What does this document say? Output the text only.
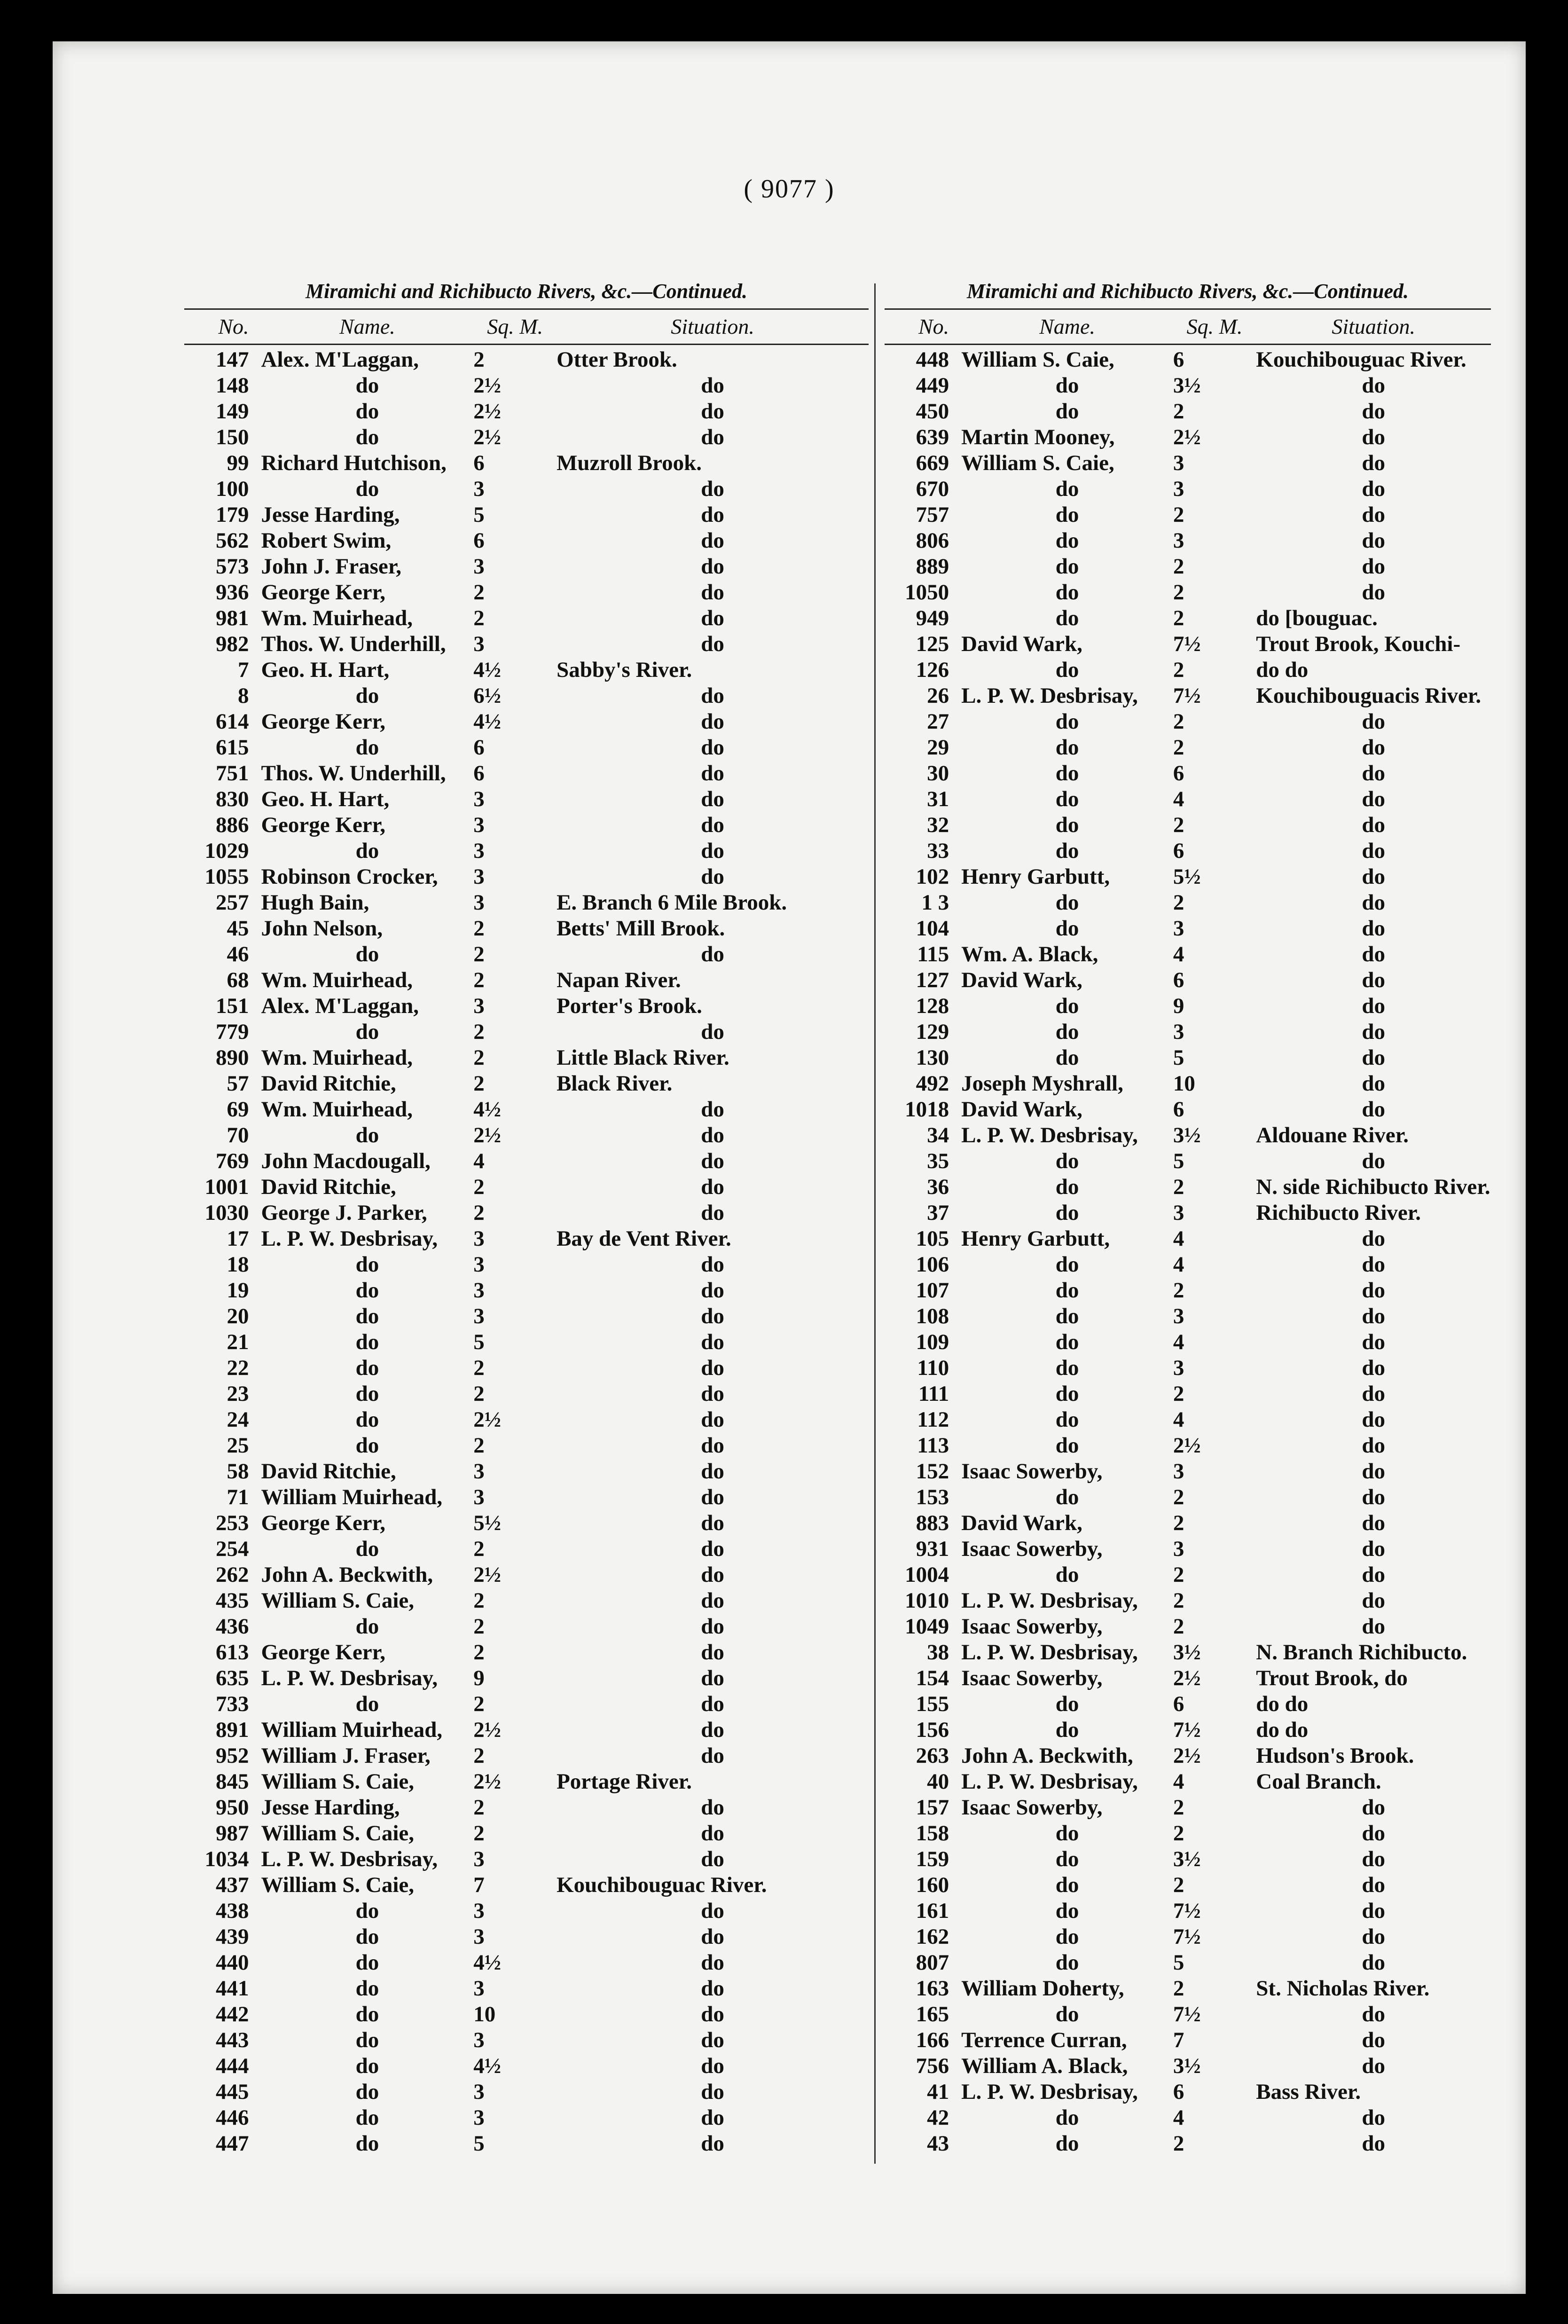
( 9077 )
Miramichi and Richibucto Rivers, &c.—Continued.
No.	Name.	Sq. M.	Situation.
147 Alex. M'Laggan,	2	Otter Brook.
148	do	2½	do
149	do	2½	do
150	do	2½	do
99 Richard Hutchison,	6	Muzroll Brook.
100	do	3	do
179 Jesse Harding,	5	do
562 Robert Swim,	6	do
573 John J. Fraser,	3	do
936 George Kerr,	2	do
981 Wm. Muirhead,	2	do
982 Thos. W. Underhill,	3	do
7 Geo. H. Hart,	4½	Sabby's River.
8	do	6½	do
614 George Kerr,	4½	do
615	do	6	do
751 Thos. W. Underhill,	6	do
830 Geo. H. Hart,	3	do
886 George Kerr,	3	do
1029	do	3	do
1055 Robinson Crocker,	3	do
257 Hugh Bain,	3	E. Branch 6 Mile Brook.
45 John Nelson,	2	Betts' Mill Brook.
46	do	2	do
68 Wm. Muirhead,	2	Napan River.
151 Alex. M'Laggan,	3	Porter's Brook.
779	do	2	do
890 Wm. Muirhead,	2	Little Black River.
57 David Ritchie,	2	Black River.
69 Wm. Muirhead,	4½	do
70	do	2½	do
769 John Macdougall,	4	do
1001 David Ritchie,	2	do
1030 George J. Parker,	2	do
17 L. P. W. Desbrisay,	3	Bay de Vent River.
18	do	3	do
19	do	3	do
20	do	3	do
21	do	5	do
22	do	2	do
23	do	2	do
24	do	2½	do
25	do	2	do
58 David Ritchie,	3	do
71 William Muirhead,	3	do
253 George Kerr,	5½	do
254	do	2	do
262 John A. Beckwith,	2½	do
435 William S. Caie,	2	do
436	do	2	do
613 George Kerr,	2	do
635 L. P. W. Desbrisay,	9	do
733	do	2	do
891 William Muirhead,	2½	do
952 William J. Fraser,	2	do
845 William S. Caie,	2½	Portage River.
950 Jesse Harding,	2	do
987 William S. Caie,	2	do
1034 L. P. W. Desbrisay,	3	do
437 William S. Caie,	7	Kouchibouguac River.
438	do	3	do
439	do	3	do
440	do	4½	do
441	do	3	do
442	do	10	do
443	do	3	do
444	do	4½	do
445	do	3	do
446	do	3	do
447	do	5	do
Miramichi and Richibucto Rivers, &c.—Continued.
No.	Name.	Sq. M.	Situation.
448 William S. Caie,	6	Kouchibouguac River.
449	do	3½	do
450	do	2	do
639 Martin Mooney,	2½	do
669 William S. Caie,	3	do
670	do	3	do
757	do	2	do
806	do	3	do
889	do	2	do
1050	do	2	do
949	do	2	do [bouguac.
125 David Wark,	7½	Trout Brook, Kouchi-
126	do	2	do do
26 L. P. W. Desbrisay,	7½	Kouchibouguacis River.
27	do	2	do
29	do	2	do
30	do	6	do
31	do	4	do
32	do	2	do
33	do	6	do
102 Henry Garbutt,	5½	do
1 3	do	2	do
104	do	3	do
115 Wm. A. Black,	4	do
127 David Wark,	6	do
128	do	9	do
129	do	3	do
130	do	5	do
492 Joseph Myshrall,	10	do
1018 David Wark,	6	do
34 L. P. W. Desbrisay,	3½	Aldouane River.
35	do	5	do
36	do	2	N. side Richibucto River.
37	do	3	Richibucto River.
105 Henry Garbutt,	4	do
106	do	4	do
107	do	2	do
108	do	3	do
109	do	4	do
110	do	3	do
111	do	2	do
112	do	4	do
113	do	2½	do
152 Isaac Sowerby,	3	do
153	do	2	do
883 David Wark,	2	do
931 Isaac Sowerby,	3	do
1004	do	2	do
1010 L. P. W. Desbrisay,	2	do
1049 Isaac Sowerby,	2	do
38 L. P. W. Desbrisay,	3½	N. Branch Richibucto.
154 Isaac Sowerby,	2½	Trout Brook, do
155	do	6	do do
156	do	7½	do do
263 John A. Beckwith,	2½	Hudson's Brook.
40 L. P. W. Desbrisay,	4	Coal Branch.
157 Isaac Sowerby,	2	do
158	do	2	do
159	do	3½	do
160	do	2	do
161	do	7½	do
162	do	7½	do
807	do	5	do
163 William Doherty,	2	St. Nicholas River.
165	do	7½	do
166 Terrence Curran,	7	do
756 William A. Black,	3½	do
41 L. P. W. Desbrisay,	6	Bass River.
42	do	4	do
43	do	2	do
